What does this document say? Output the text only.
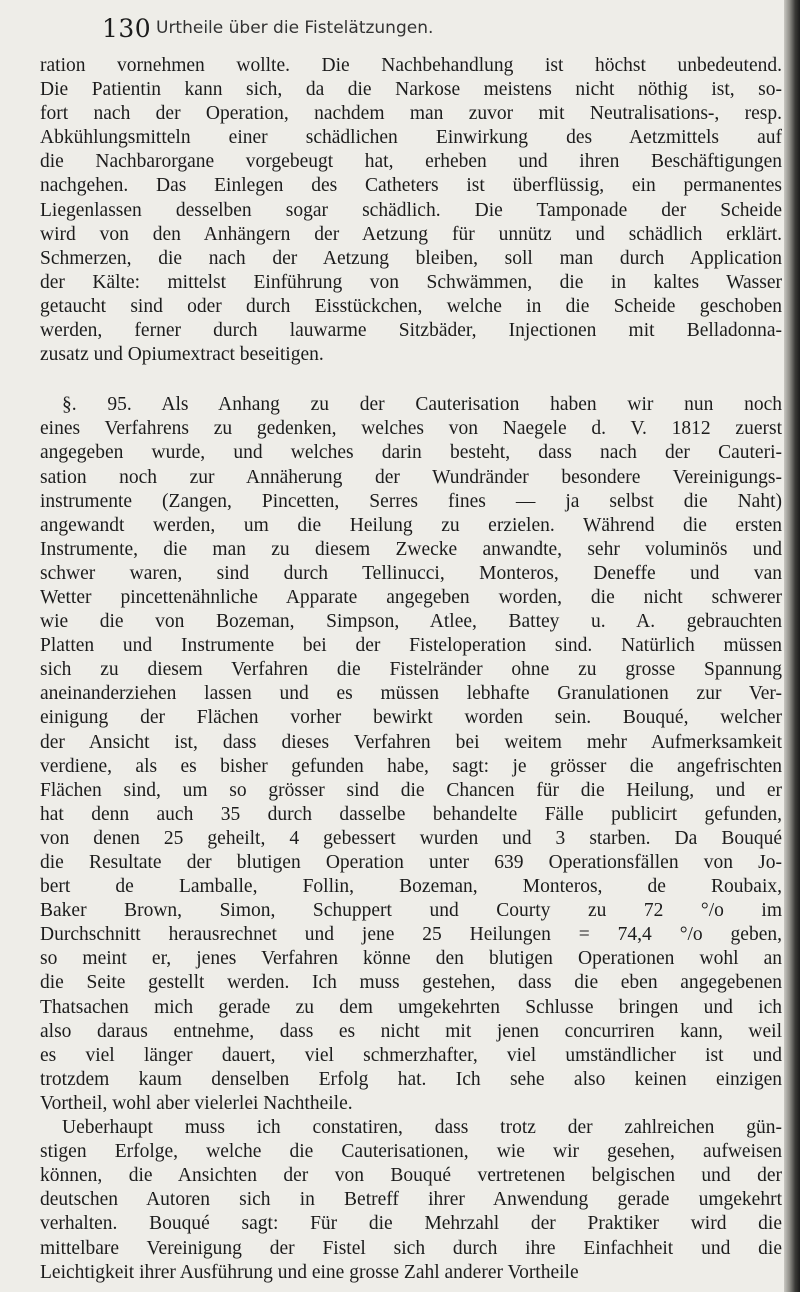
130 Urtheile über die Fistelätzungen.

ration vornehmen wollte. Die Nachbehandlung ist höchst unbedeutend.
Die Patientin kann sich, da die Narkose meistens nicht nöthig ist, so-
fort nach der Operation, nachdem man zuvor mit Neutralisations-, resp.
Abkühlungsmitteln einer schädlichen Einwirkung des Aetzmittels auf
die Nachbarorgane vorgebeugt hat, erheben und ihren Beschäftigungen
nachgehen. Das Einlegen des Catheters ist überflüssig, ein permanentes
Liegenlassen desselben sogar schädlich. Die Tamponade der Scheide
wird von den Anhängern der Aetzung für unnütz und schädlich erklärt.
Schmerzen, die nach der Aetzung bleiben, soll man durch Application
der Kälte: mittelst Einführung von Schwämmen, die in kaltes Wasser
getaucht sind oder durch Eisstückchen, welche in die Scheide geschoben
werden, ferner durch lauwarme Sitzbäder, Injectionen mit Belladonna-
zusatz und Opiumextract beseitigen.

§. 95. Als Anhang zu der Cauterisation haben wir nun noch
eines Verfahrens zu gedenken, welches von Naegele d. V. 1812 zuerst
angegeben wurde, und welches darin besteht, dass nach der Cauteri-
sation noch zur Annäherung der Wundränder besondere Vereinigungs-
instrumente (Zangen, Pincetten, Serres fines — ja selbst die Naht)
angewandt werden, um die Heilung zu erzielen. Während die ersten
Instrumente, die man zu diesem Zwecke anwandte, sehr voluminös und
schwer waren, sind durch Tellinucci, Monteros, Deneffe und van
Wetter pincettenähnliche Apparate angegeben worden, die nicht schwerer
wie die von Bozeman, Simpson, Atlee, Battey u. A. gebrauchten
Platten und Instrumente bei der Fisteloperation sind. Natürlich müssen
sich zu diesem Verfahren die Fistelränder ohne zu grosse Spannung
aneinanderziehen lassen und es müssen lebhafte Granulationen zur Ver-
einigung der Flächen vorher bewirkt worden sein. Bouqué, welcher
der Ansicht ist, dass dieses Verfahren bei weitem mehr Aufmerksamkeit
verdiene, als es bisher gefunden habe, sagt: je grösser die angefrischten
Flächen sind, um so grösser sind die Chancen für die Heilung, und er
hat denn auch 35 durch dasselbe behandelte Fälle publicirt gefunden,
von denen 25 geheilt, 4 gebessert wurden und 3 starben. Da Bouqué
die Resultate der blutigen Operation unter 639 Operationsfällen von Jo-
bert de Lamballe, Follin, Bozeman, Monteros, de Roubaix,
Baker Brown, Simon, Schuppert und Courty zu 72 °/o im
Durchschnitt herausrechnet und jene 25 Heilungen = 74,4 °/o geben,
so meint er, jenes Verfahren könne den blutigen Operationen wohl an
die Seite gestellt werden. Ich muss gestehen, dass die eben angegebenen
Thatsachen mich gerade zu dem umgekehrten Schlusse bringen und ich
also daraus entnehme, dass es nicht mit jenen concurriren kann, weil
es viel länger dauert, viel schmerzhafter, viel umständlicher ist und
trotzdem kaum denselben Erfolg hat. Ich sehe also keinen einzigen
Vortheil, wohl aber vielerlei Nachtheile.

Ueberhaupt muss ich constatiren, dass trotz der zahlreichen gün-
stigen Erfolge, welche die Cauterisationen, wie wir gesehen, aufweisen
können, die Ansichten der von Bouqué vertretenen belgischen und der
deutschen Autoren sich in Betreff ihrer Anwendung gerade umgekehrt
verhalten. Bouqué sagt: Für die Mehrzahl der Praktiker wird die
mittelbare Vereinigung der Fistel sich durch ihre Einfachheit und die
Leichtigkeit ihrer Ausführung und eine grosse Zahl anderer Vortheile
